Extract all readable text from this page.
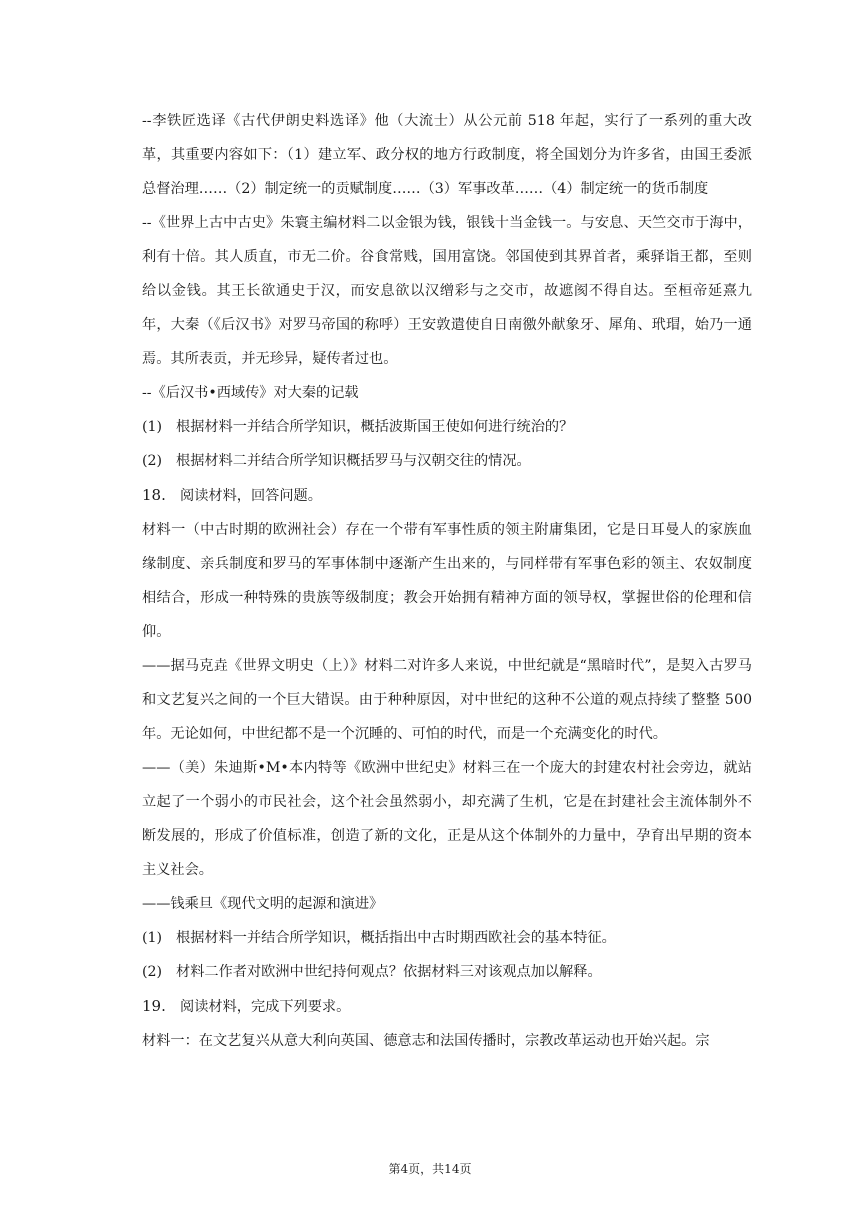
--李铁匠选译《古代伊朗史料选译》他（大流士）从公元前 518 年起，实行了一系列的重大改革，其重要内容如下：（1）建立军、政分权的地方行政制度，将全国划分为许多省，由国王委派总督治理……（2）制定统一的贡赋制度……（3）军事改革……（4）制定统一的货币制度

--《世界上古中古史》朱寰主编材料二以金银为钱，银钱十当金钱一。与安息、天竺交市于海中，利有十倍。其人质直，市无二价。谷食常贱，国用富饶。邻国使到其界首者，乘驿诣王都，至则给以金钱。其王长欲通史于汉，而安息欲以汉缯彩与之交市，故遮阂不得自达。至桓帝延熹九年，大秦（《后汉书》对罗马帝国的称呼）王安敦遣使自日南徼外献象牙、犀角、玳瑁，始乃一通焉。其所表贡，并无珍异，疑传者过也。

--《后汉书•西域传》对大秦的记载

(1) 根据材料一并结合所学知识，概括波斯国王使如何进行统治的？

(2) 根据材料二并结合所学知识概括罗马与汉朝交往的情况。

18. 阅读材料，回答问题。

材料一（中古时期的欧洲社会）存在一个带有军事性质的领主附庸集团，它是日耳曼人的家族血缘制度、亲兵制度和罗马的军事体制中逐渐产生出来的，与同样带有军事色彩的领主、农奴制度相结合，形成一种特殊的贵族等级制度；教会开始拥有精神方面的领导权，掌握世俗的伦理和信仰。

——据马克垚《世界文明史（上）》材料二对许多人来说，中世纪就是“黑暗时代”，是契入古罗马和文艺复兴之间的一个巨大错误。由于种种原因，对中世纪的这种不公道的观点持续了整整 500 年。无论如何，中世纪都不是一个沉睡的、可怕的时代，而是一个充满变化的时代。

——（美）朱迪斯•M•本内特等《欧洲中世纪史》材料三在一个庞大的封建农村社会旁边，就站立起了一个弱小的市民社会，这个社会虽然弱小，却充满了生机，它是在封建社会主流体制外不断发展的，形成了价值标准，创造了新的文化，正是从这个体制外的力量中，孕育出早期的资本主义社会。

——钱乘旦《现代文明的起源和演进》

(1) 根据材料一并结合所学知识，概括指出中古时期西欧社会的基本特征。

(2) 材料二作者对欧洲中世纪持何观点？依据材料三对该观点加以解释。

19. 阅读材料，完成下列要求。

材料一：在文艺复兴从意大利向英国、德意志和法国传播时，宗教改革运动也开始兴起。宗

第4页，共14页
